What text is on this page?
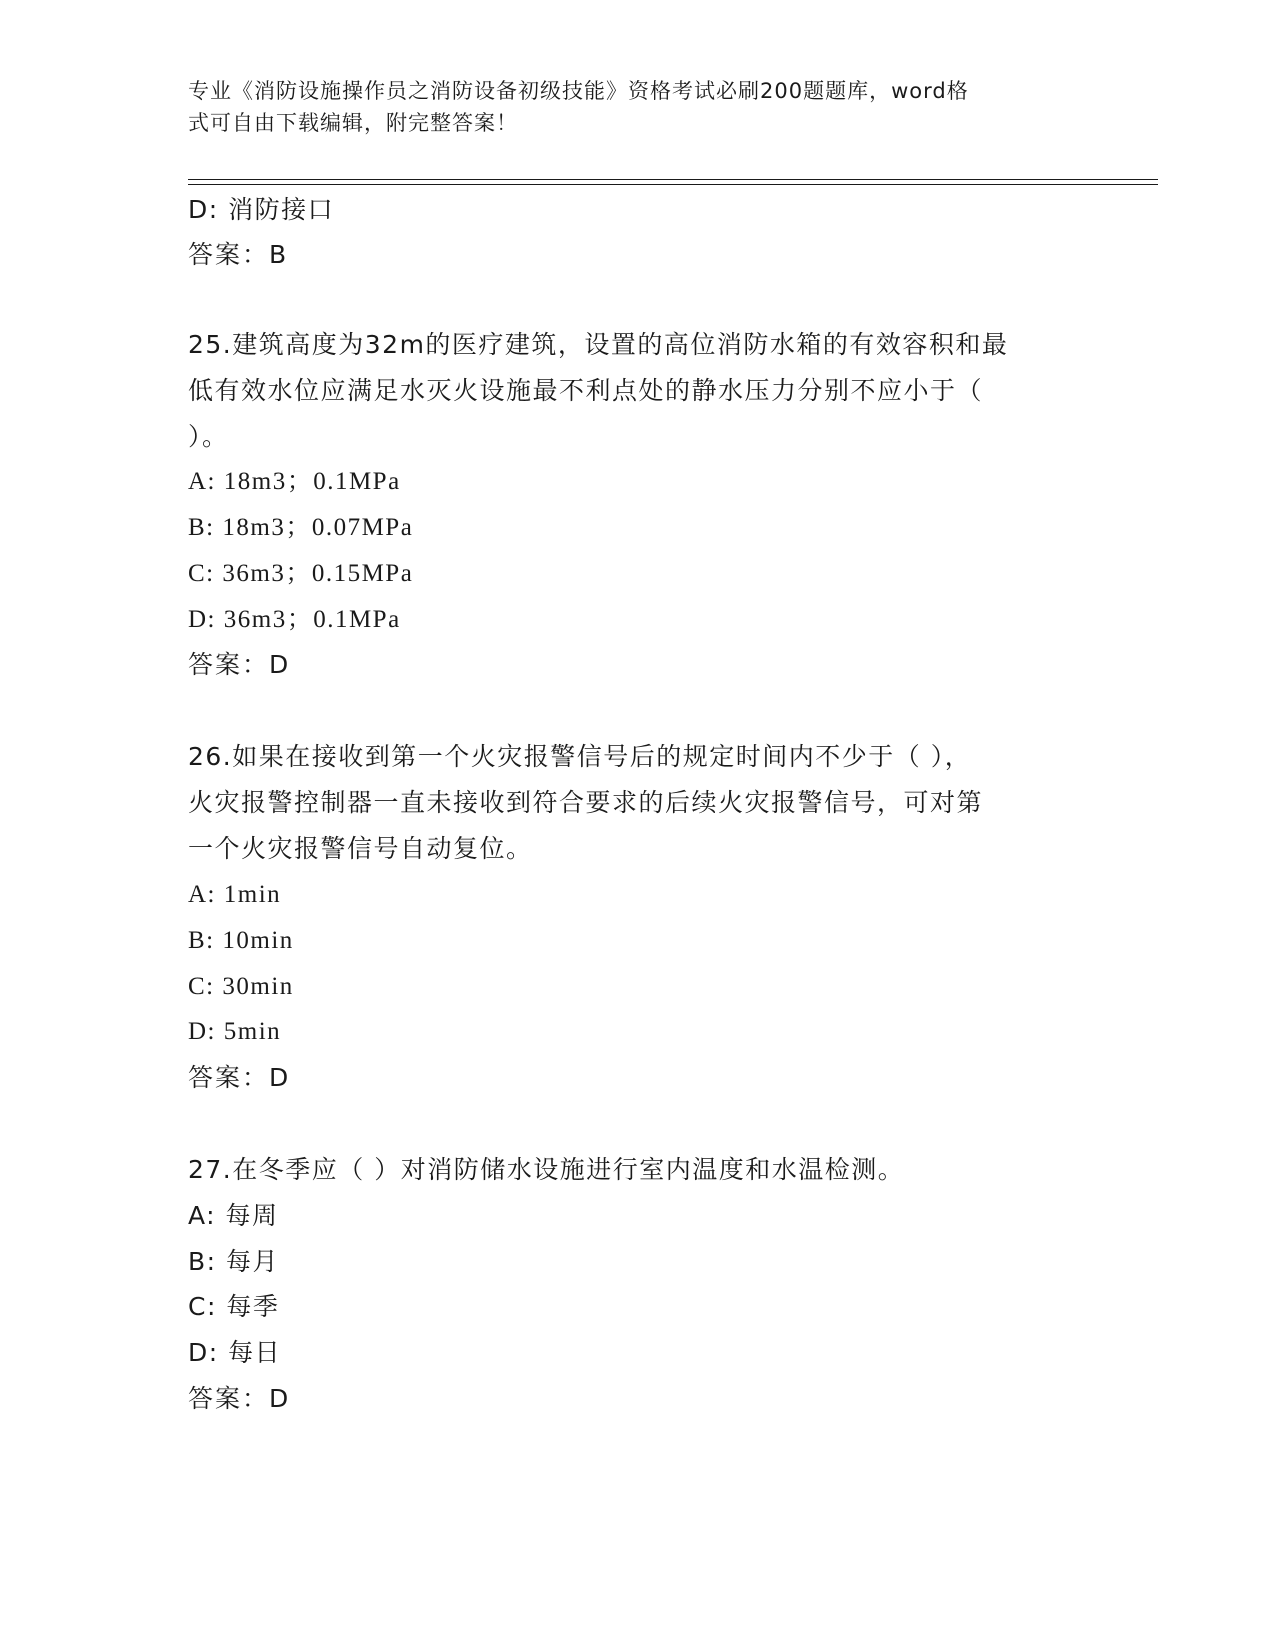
专业《消防设施操作员之消防设备初级技能》资格考试必刷200题题库，word格
式可自由下载编辑，附完整答案！
D: 消防接口
答案：B
25.建筑高度为32m的医疗建筑，设置的高位消防水箱的有效容积和最
低有效水位应满足水灭火设施最不利点处的静水压力分别不应小于（
）。
A: 18m3；0.1MPa
B: 18m3；0.07MPa
C: 36m3；0.15MPa
D: 36m3；0.1MPa
答案：D
26.如果在接收到第一个火灾报警信号后的规定时间内不少于（ ），
火灾报警控制器一直未接收到符合要求的后续火灾报警信号，可对第
一个火灾报警信号自动复位。
A: 1min
B: 10min
C: 30min
D: 5min
答案：D
27.在冬季应（ ）对消防储水设施进行室内温度和水温检测。
A: 每周
B: 每月
C: 每季
D: 每日
答案：D
